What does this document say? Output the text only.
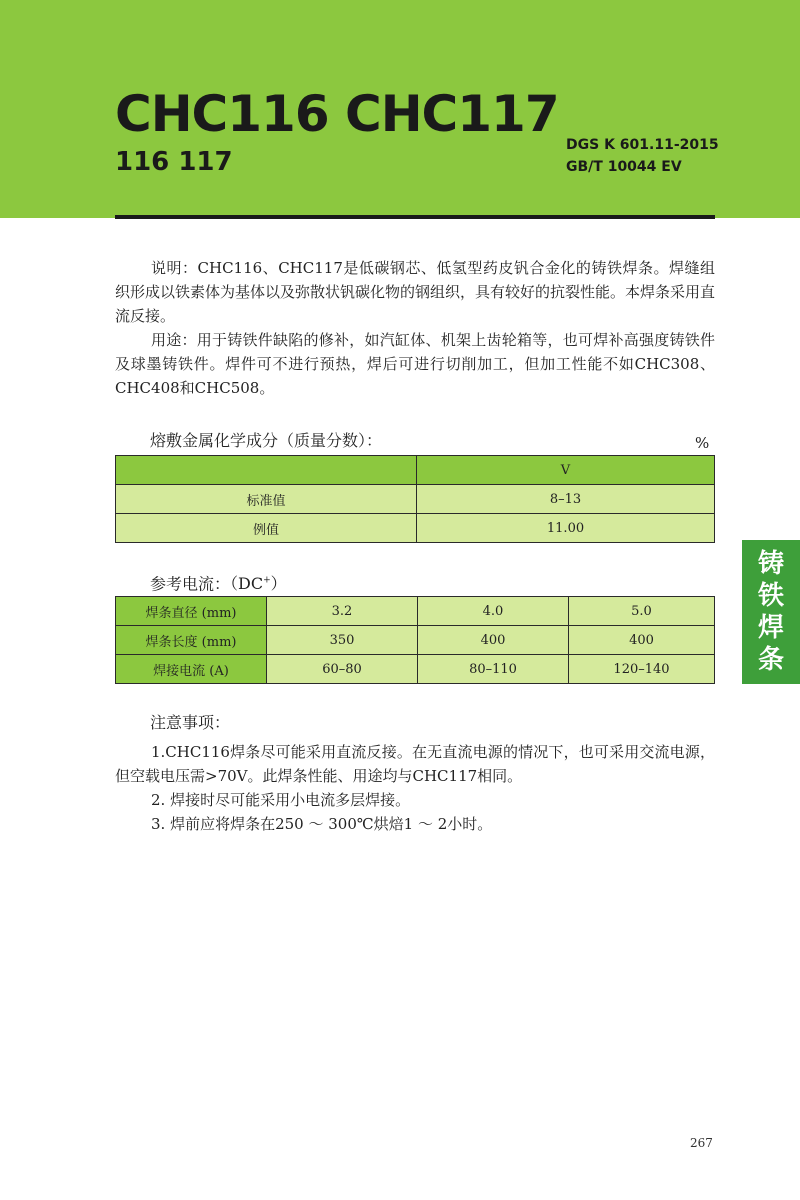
CHC116 CHC117
116 117
DGS K 601.11-2015
GB/T 10044 EV

说明：CHC116、CHC117是低碳钢芯、低氢型药皮钒合金化的铸铁焊条。焊缝组织形成以铁素体为基体以及弥散状钒碳化物的钢组织，具有较好的抗裂性能。本焊条采用直流反接。

用途：用于铸铁件缺陷的修补，如汽缸体、机架上齿轮箱等，也可焊补高强度铸铁件及球墨铸铁件。焊件可不进行预热，焊后可进行切削加工，但加工性能不如CHC308、CHC408和CHC508。

熔敷金属化学成分（质量分数）：	%
	V
标准值	8–13
例值	11.00
参考电流：（DC+）
焊条直径 (mm)	3.2	4.0	5.0
焊条长度 (mm)	350	400	400
焊接电流 (A)	60–80	80–110	120–140
铸
铁
焊
条
注意事项：

1.CHC116焊条尽可能采用直流反接。在无直流电源的情况下，也可采用交流电源，但空载电压需>70V。此焊条性能、用途均与CHC117相同。

2. 焊接时尽可能采用小电流多层焊接。

3. 焊前应将焊条在250 ～ 300℃烘焙1 ～ 2小时。

267
